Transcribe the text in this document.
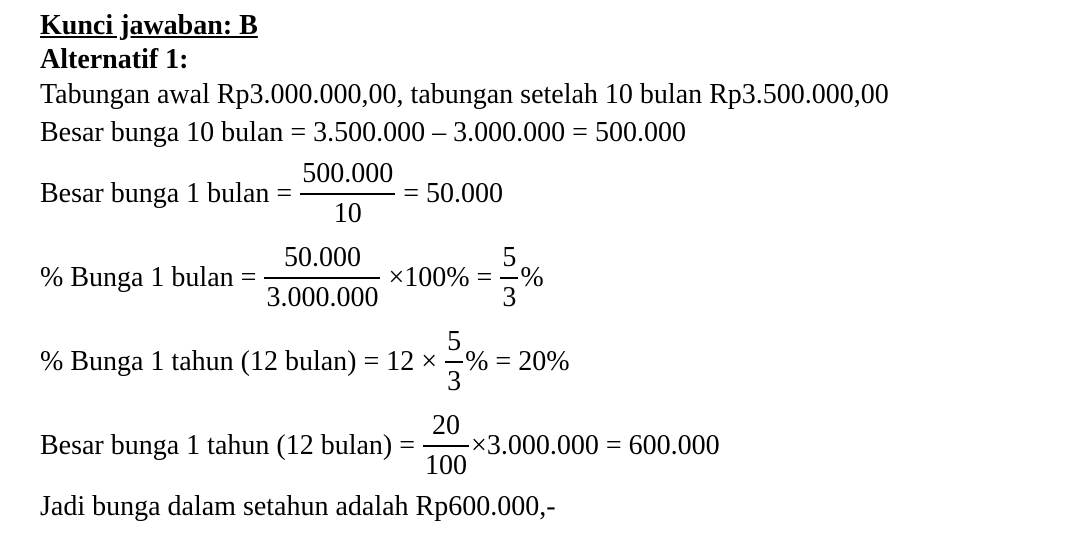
Kunci jawaban: B
Alternatif 1:
Tabungan awal Rp3.000.000,00, tabungan setelah 10 bulan Rp3.500.000,00
Besar bunga 10 bulan = 3.500.000 – 3.000.000 = 500.000
Besar bunga 1 bulan = $\frac{500.000}{10} = 50.000$
% Bunga 1 bulan = $\frac{50.000}{3.000.000} \times 100\% = \frac{5}{3}$ %
% Bunga 1 tahun (12 bulan) = $12 \times \frac{5}{3}$ % = 20%
Besar bunga 1 tahun (12 bulan) = $\frac{20}{100} \times 3.000.000 = 600.000$
Jadi bunga dalam setahun adalah Rp600.000,-
